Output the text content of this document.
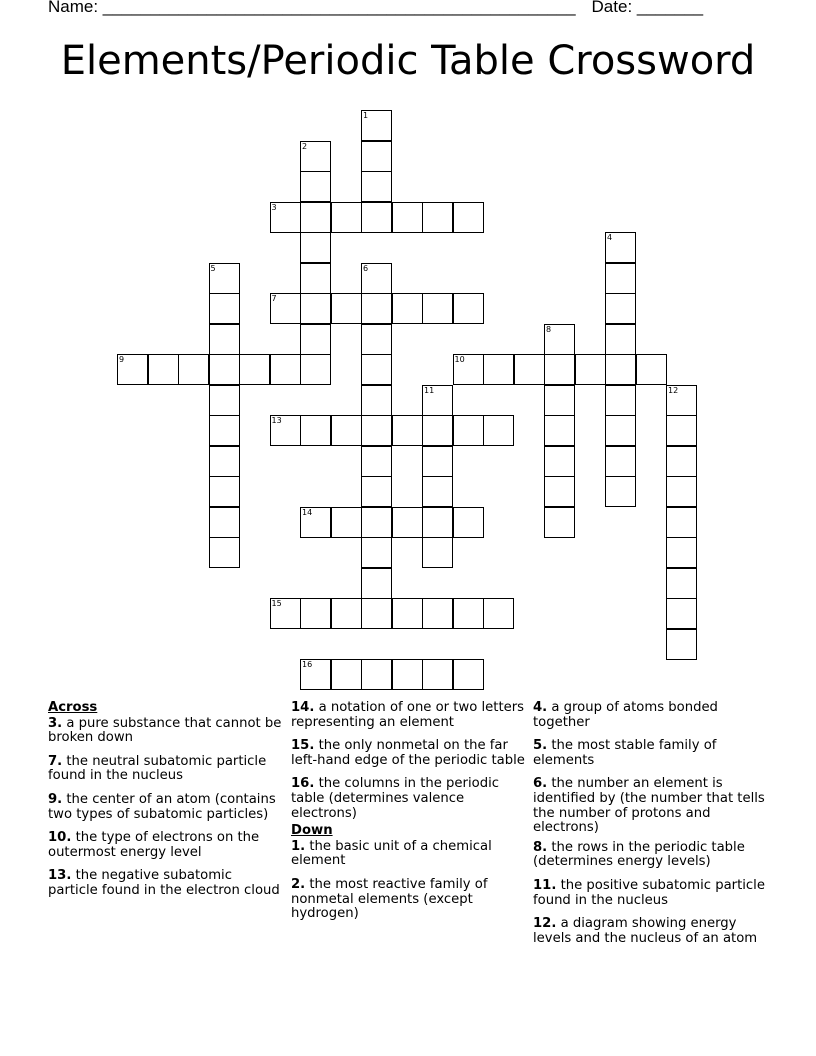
Name: __________________________________________________ Date: _______
Elements/Periodic Table Crossword
3
7
9	10
13
14
15
16
1
2
4
5	6
8
11	12
Across
3. a pure substance that cannot be broken down
7. the neutral subatomic particle found in the nucleus
9. the center of an atom (contains two types of subatomic particles)
10. the type of electrons on the outermost energy level
13. the negative subatomic particle found in the electron cloud
14. a notation of one or two letters representing an element
15. the only nonmetal on the far left-hand edge of the periodic table
16. the columns in the periodic table (determines valence electrons)
Down
1. the basic unit of a chemical element
2. the most reactive family of nonmetal elements (except hydrogen)
4. a group of atoms bonded together
5. the most stable family of elements
6. the number an element is identified by (the number that tells the number of protons and electrons)
8. the rows in the periodic table (determines energy levels)
11. the positive subatomic particle found in the nucleus
12. a diagram showing energy levels and the nucleus of an atom
